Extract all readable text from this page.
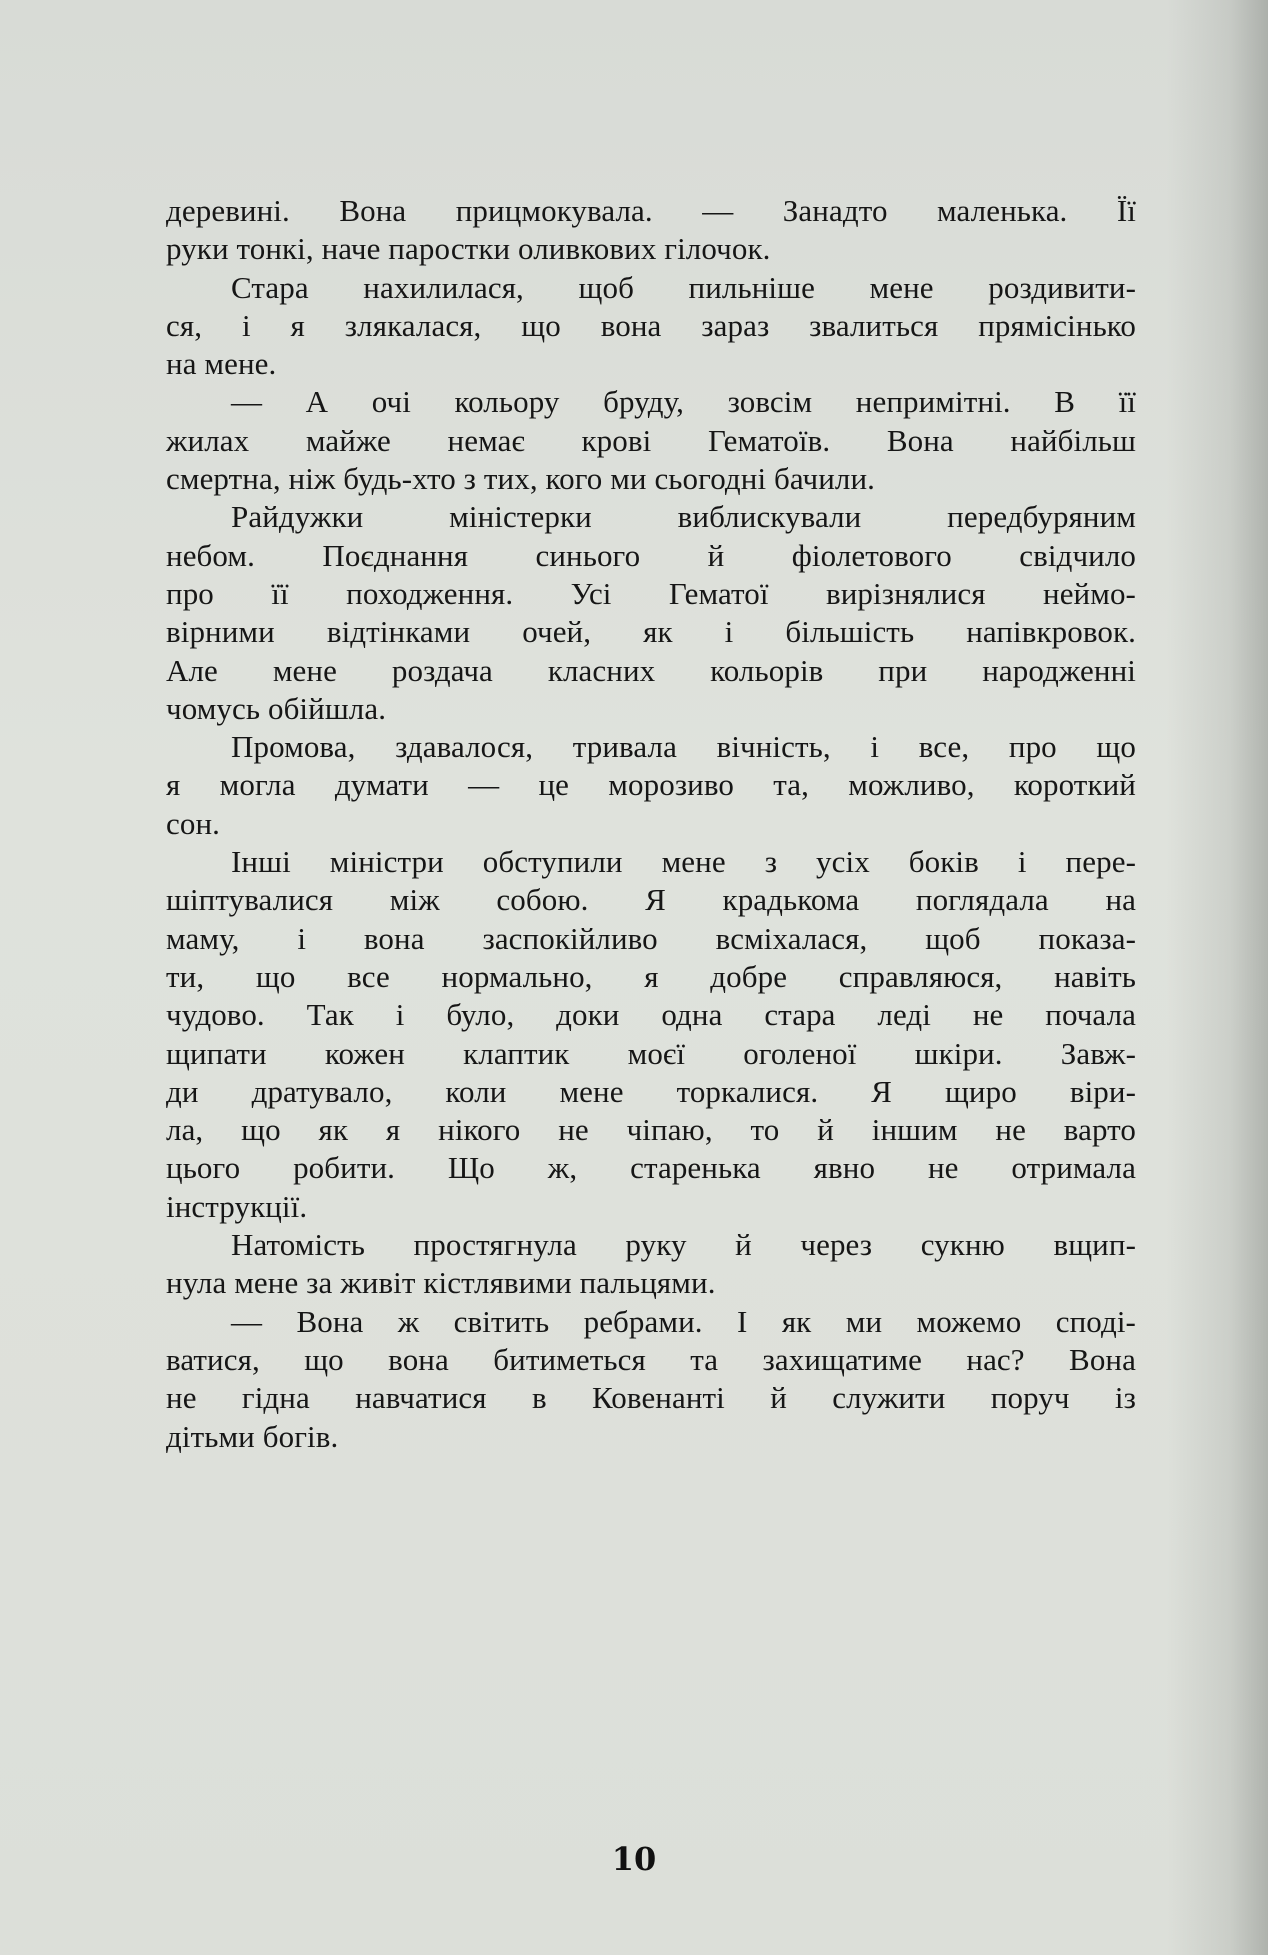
деревині. Вона прицмокувала. — Занадто маленька. Її
руки тонкі, наче паростки оливкових гілочок.

Стара нахилилася, щоб пильніше мене роздивити-
ся, і я злякалася, що вона зараз звалиться прямісінько
на мене.

— А очі кольору бруду, зовсім непримітні. В її
жилах майже немає крові Гематоїв. Вона найбільш
смертна, ніж будь-хто з тих, кого ми сьогодні бачили.

Райдужки міністерки виблискували передбуряним
небом. Поєднання синього й фіолетового свідчило
про її походження. Усі Гематої вирізнялися неймо-
вірними відтінками очей, як і більшість напівкровок.
Але мене роздача класних кольорів при народженні
чомусь обійшла.

Промова, здавалося, тривала вічність, і все, про що
я могла думати — це морозиво та, можливо, короткий
сон.

Інші міністри обступили мене з усіх боків і пере-
шіптувалися між собою. Я крадькома поглядала на
маму, і вона заспокійливо всміхалася, щоб показа-
ти, що все нормально, я добре справляюся, навіть
чудово. Так і було, доки одна стара леді не почала
щипати кожен клаптик моєї оголеної шкіри. Завж-
ди дратувало, коли мене торкалися. Я щиро віри-
ла, що як я нікого не чіпаю, то й іншим не варто
цього робити. Що ж, старенька явно не отримала
інструкції.

Натомість простягнула руку й через сукню вщип-
нула мене за живіт кістлявими пальцями.

— Вона ж світить ребрами. І як ми можемо сподi-
ватися, що вона битиметься та захищатиме нас? Вона
не гідна навчатися в Ковенанті й служити поруч із
дітьми богів.

10
